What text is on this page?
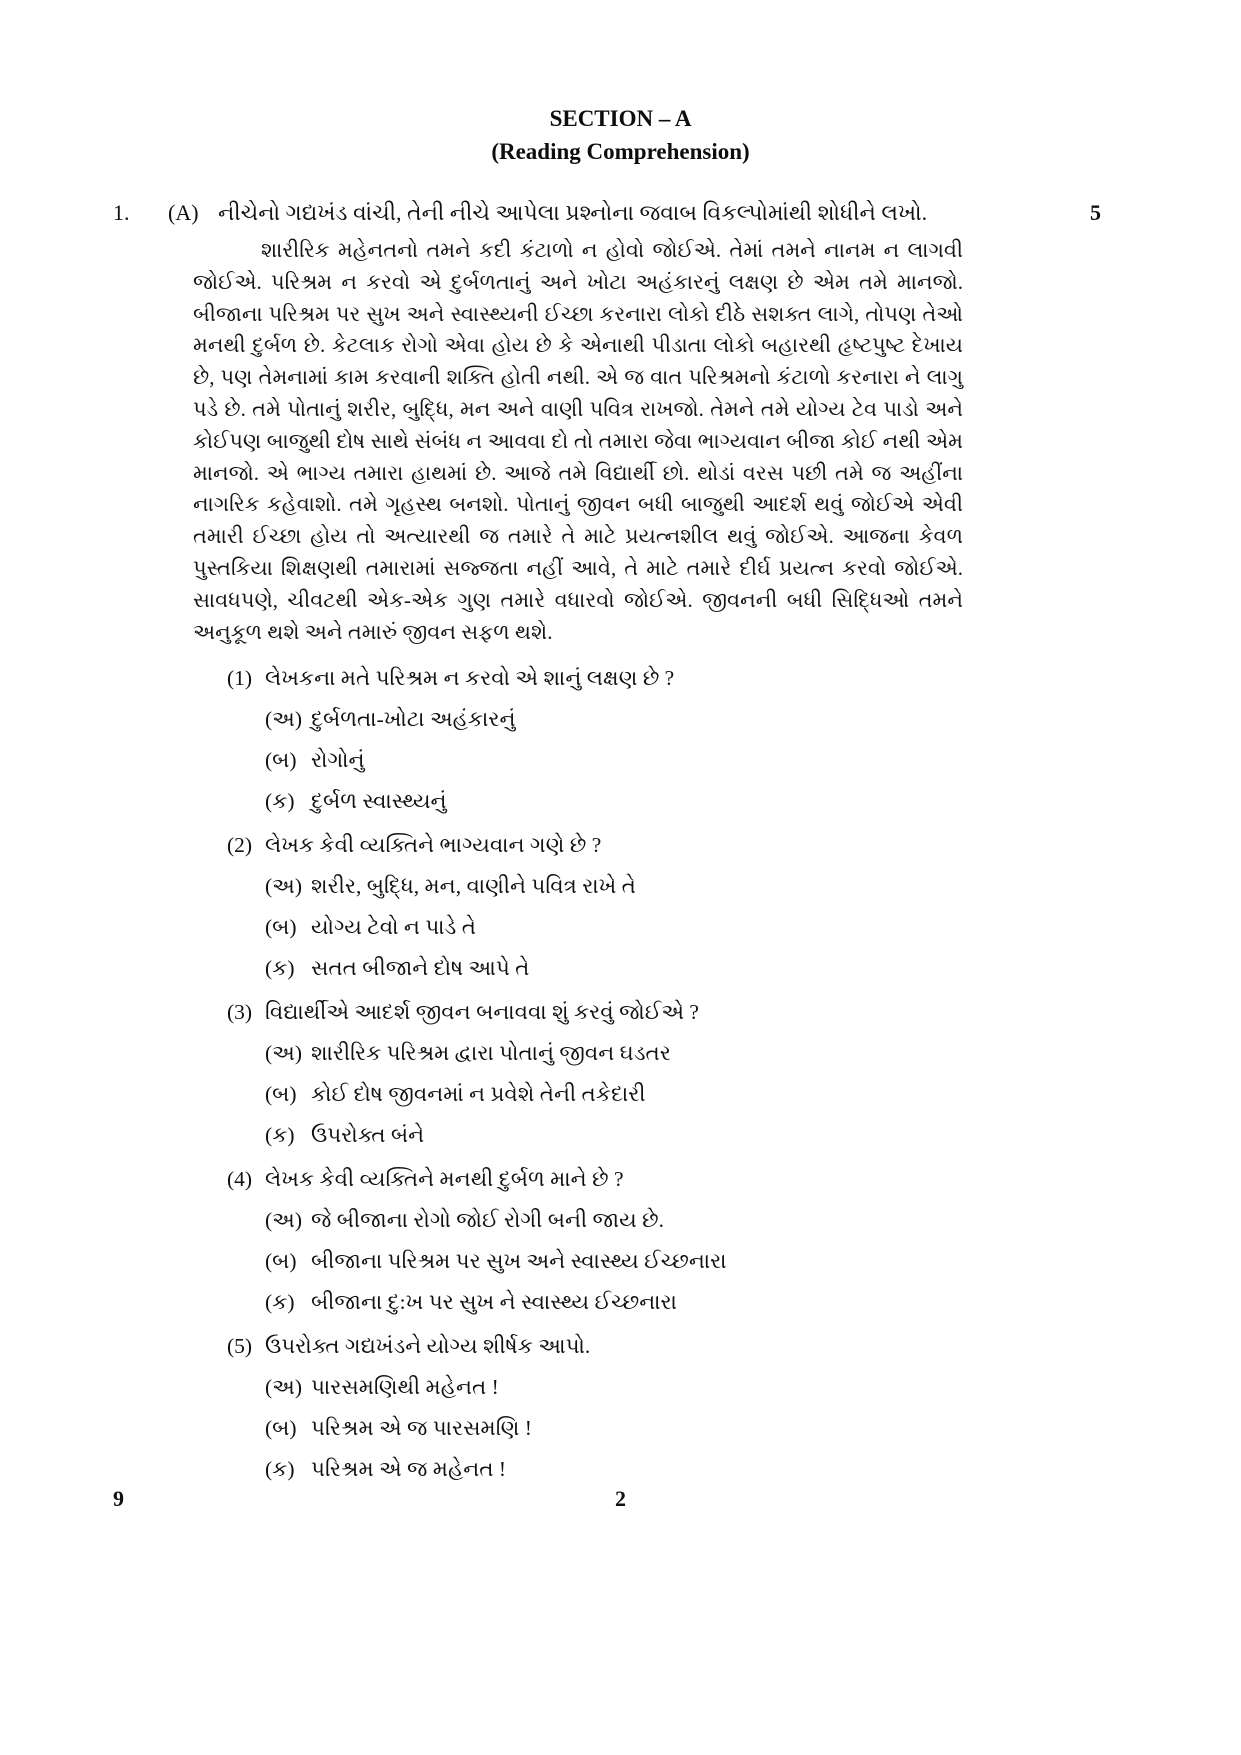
SECTION – A
(Reading Comprehension)
1.	(A) નીચેનો ગદ્યખંડ વાંચી, તેની નીચે આપેલા પ્રશ્નોના જવાબ વિકલ્પોમાંથી શોધીને લખો.	5
શારીરિક મહેનતનો તમને કદી કંટાળો ન હોવો જોઈએ. તેમાં તમને નાનમ ન લાગવી જોઈએ. પરિશ્રમ ન કરવો એ દુર્બળતાનું અને ખોટા અહંકારનું લક્ષણ છે એમ તમે માનજો. બીજાના પરિશ્રમ પર સુખ અને સ્વાસ્થ્યની ઈચ્છા કરનારા લોકો દીઠે સશક્ત લાગે, તોપણ તેઓ મનથી દુર્બળ છે. કેટલાક રોગો એવા હોય છે કે એનાથી પીડાતા લોકો બહારથી હૃષ્ટપુષ્ટ દેખાય છે, પણ તેમનામાં કામ કરવાની શક્તિ હોતી નથી. એ જ વાત પરિશ્રમનો કંટાળો કરનારા ને લાગુ પડે છે. તમે પોતાનું શરીર, બુદ્ધિ, મન અને વાણી પવિત્ર રાખજો. તેમને તમે યોગ્ય ટેવ પાડો અને કોઈપણ બાજુથી દોષ સાથે સંબંધ ન આવવા દો તો તમારા જેવા ભાગ્યવાન બીજા કોઈ નથી એમ માનજો. એ ભાગ્ય તમારા હાથમાં છે. આજે તમે વિદ્યાર્થી છો. થોડાં વરસ પછી તમે જ અહીંના નાગરિક કહેવાશો. તમે ગૃહસ્થ બનશો. પોતાનું જીવન બધી બાજુથી આદર્શ થવું જોઈએ એવી તમારી ઈચ્છા હોય તો અત્યારથી જ તમારે તે માટે પ્રયત્નશીલ થવું જોઈએ. આજના કેવળ પુસ્તકિયા શિક્ષણથી તમારામાં સજ્જતા નહીં આવે, તે માટે તમારે દીર્ઘ પ્રયત્ન કરવો જોઈએ. સાવધપણે, ચીવટથી એક-એક ગુણ તમારે વધારવો જોઈએ. જીવનની બધી સિદ્ધિઓ તમને અનુકૂળ થશે અને તમારું જીવન સફળ થશે.
(1) લેખકના મતે પરિશ્રમ ન કરવો એ શાનું લક્ષણ છે ?
(અ) દુર્બળતા-ખોટા અહંકારનું
(બ) રોગોનું
(ક) દુર્બળ સ્વાસ્થ્યનું
(2) લેખક કેવી વ્યક્તિને ભાગ્યવાન ગણે છે ?
(અ) શરીર, બુદ્ધિ, મન, વાણીને પવિત્ર રાખે તે
(બ) યોગ્ય ટેવો ન પાડે તે
(ક) સતત બીજાને દોષ આપે તે
(3) વિદ્યાર્થીએ આદર્શ જીવન બનાવવા શું કરવું જોઈએ ?
(અ) શારીરિક પરિશ્રમ દ્વારા પોતાનું જીવન ઘડતર
(બ) કોઈ દોષ જીવનમાં ન પ્રવેશે તેની તકેદારી
(ક) ઉપરોક્ત બંને
(4) લેખક કેવી વ્યક્તિને મનથી દુર્બળ માને છે ?
(અ) જે બીજાના રોગો જોઈ રોગી બની જાય છે.
(બ) બીજાના પરિશ્રમ પર સુખ અને સ્વાસ્થ્ય ઈચ્છનારા
(ક) બીજાના દુ:ખ પર સુખ ને સ્વાસ્થ્ય ઈચ્છનારા
(5) ઉપરોક્ત ગદ્યખંડને યોગ્ય શીર્ષક આપો.
(અ) પારસમણિથી મહેનત !
(બ) પરિશ્રમ એ જ પારસમણિ !
(ક) પરિશ્રમ એ જ મહેનત !
9	2
